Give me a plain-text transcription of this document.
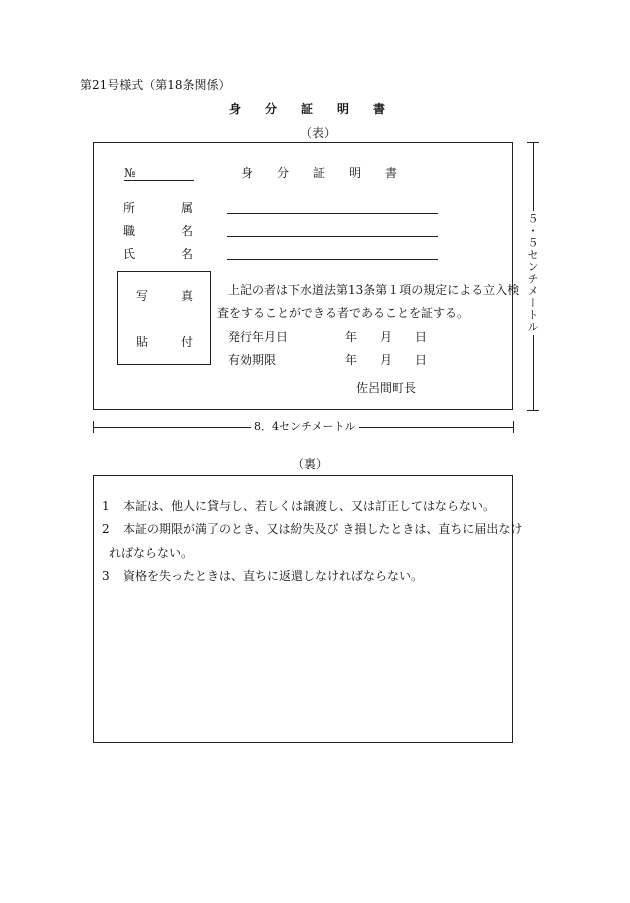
第21号様式（第18条関係）
身　　分　　証　　明　　書
（表）
№	身　　分　　証　　明　　書
所	属
職	名
氏	名
写	真
貼	付
上記の者は下水道法第13条第１項の規定による立入検
査をすることができる者であることを証する。
発行年月日	年 月 日
有効期限	年 月 日
佐呂間町長
５・５センチメートル
8．4センチメートル
（裏）
1 本証は、他人に貸与し、若しくは譲渡し、又は訂正してはならない。
2 本証の期限が満了のとき、又は紛失及び き損したときは、直ちに届出なけ
ればならない。
3 資格を失ったときは、直ちに返還しなければならない。
